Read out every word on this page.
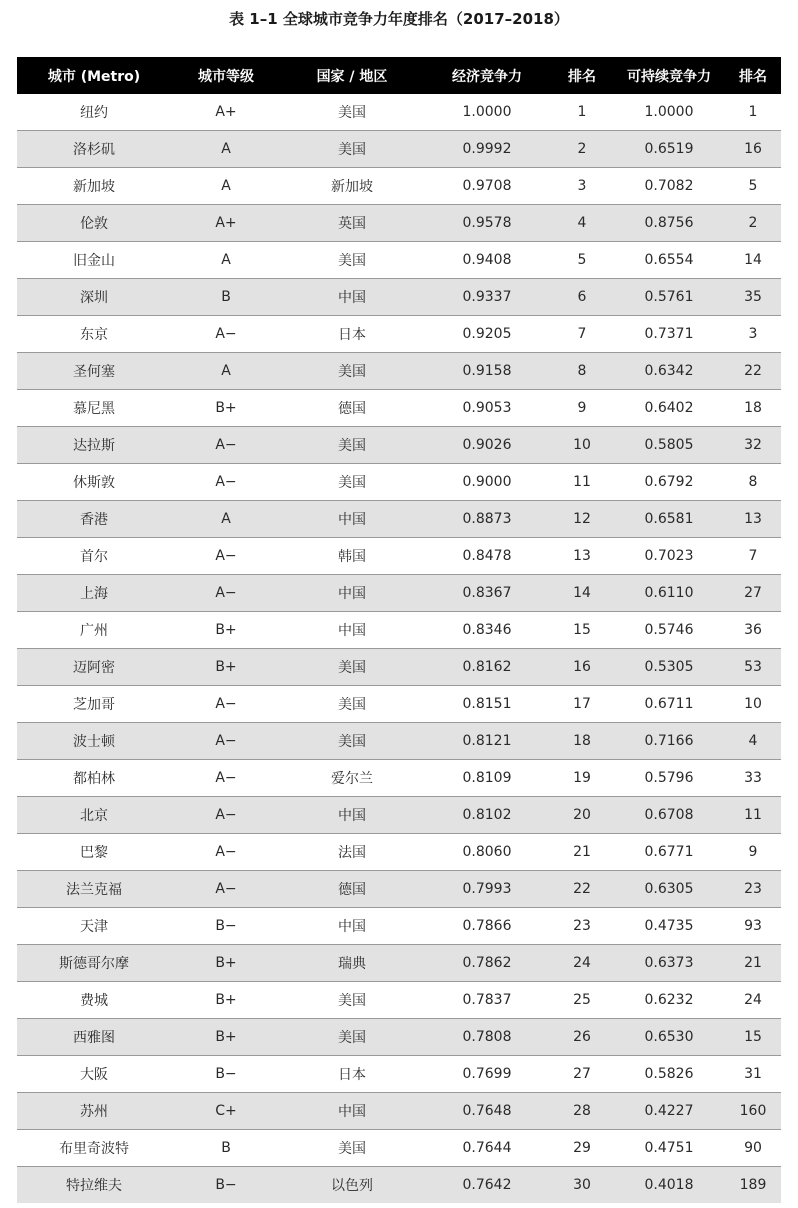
表 1–1 全球城市竞争力年度排名（2017–2018）
城市 (Metro)	城市等级	国家 / 地区	经济竞争力	排名	可持续竞争力	排名
纽约	A+	美国	1.0000	1	1.0000	1
洛杉矶	A	美国	0.9992	2	0.6519	16
新加坡	A	新加坡	0.9708	3	0.7082	5
伦敦	A+	英国	0.9578	4	0.8756	2
旧金山	A	美国	0.9408	5	0.6554	14
深圳	B	中国	0.9337	6	0.5761	35
东京	A−	日本	0.9205	7	0.7371	3
圣何塞	A	美国	0.9158	8	0.6342	22
慕尼黑	B+	德国	0.9053	9	0.6402	18
达拉斯	A−	美国	0.9026	10	0.5805	32
休斯敦	A−	美国	0.9000	11	0.6792	8
香港	A	中国	0.8873	12	0.6581	13
首尔	A−	韩国	0.8478	13	0.7023	7
上海	A−	中国	0.8367	14	0.6110	27
广州	B+	中国	0.8346	15	0.5746	36
迈阿密	B+	美国	0.8162	16	0.5305	53
芝加哥	A−	美国	0.8151	17	0.6711	10
波士顿	A−	美国	0.8121	18	0.7166	4
都柏林	A−	爱尔兰	0.8109	19	0.5796	33
北京	A−	中国	0.8102	20	0.6708	11
巴黎	A−	法国	0.8060	21	0.6771	9
法兰克福	A−	德国	0.7993	22	0.6305	23
天津	B−	中国	0.7866	23	0.4735	93
斯德哥尔摩	B+	瑞典	0.7862	24	0.6373	21
费城	B+	美国	0.7837	25	0.6232	24
西雅图	B+	美国	0.7808	26	0.6530	15
大阪	B−	日本	0.7699	27	0.5826	31
苏州	C+	中国	0.7648	28	0.4227	160
布里奇波特	B	美国	0.7644	29	0.4751	90
特拉维夫	B−	以色列	0.7642	30	0.4018	189
